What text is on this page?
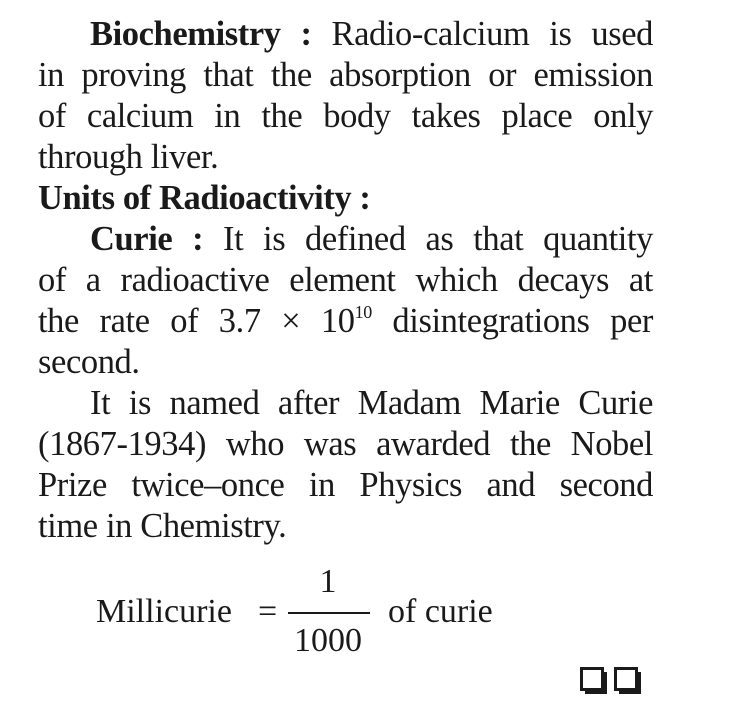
Biochemistry : Radio-calcium is used
in proving that the absorption or emission
of calcium in the body takes place only
through liver.
Units of Radioactivity :
Curie : It is defined as that quantity
of a radioactive element which decays at
the rate of $3.7 \times 10^{10}$ disintegrations per
second.
It is named after Madam Marie Curie
(1867-1934) who was awarded the Nobel
Prize twice–once in Physics and second
time in Chemistry.
Millicurie =
1
1000
of curie
